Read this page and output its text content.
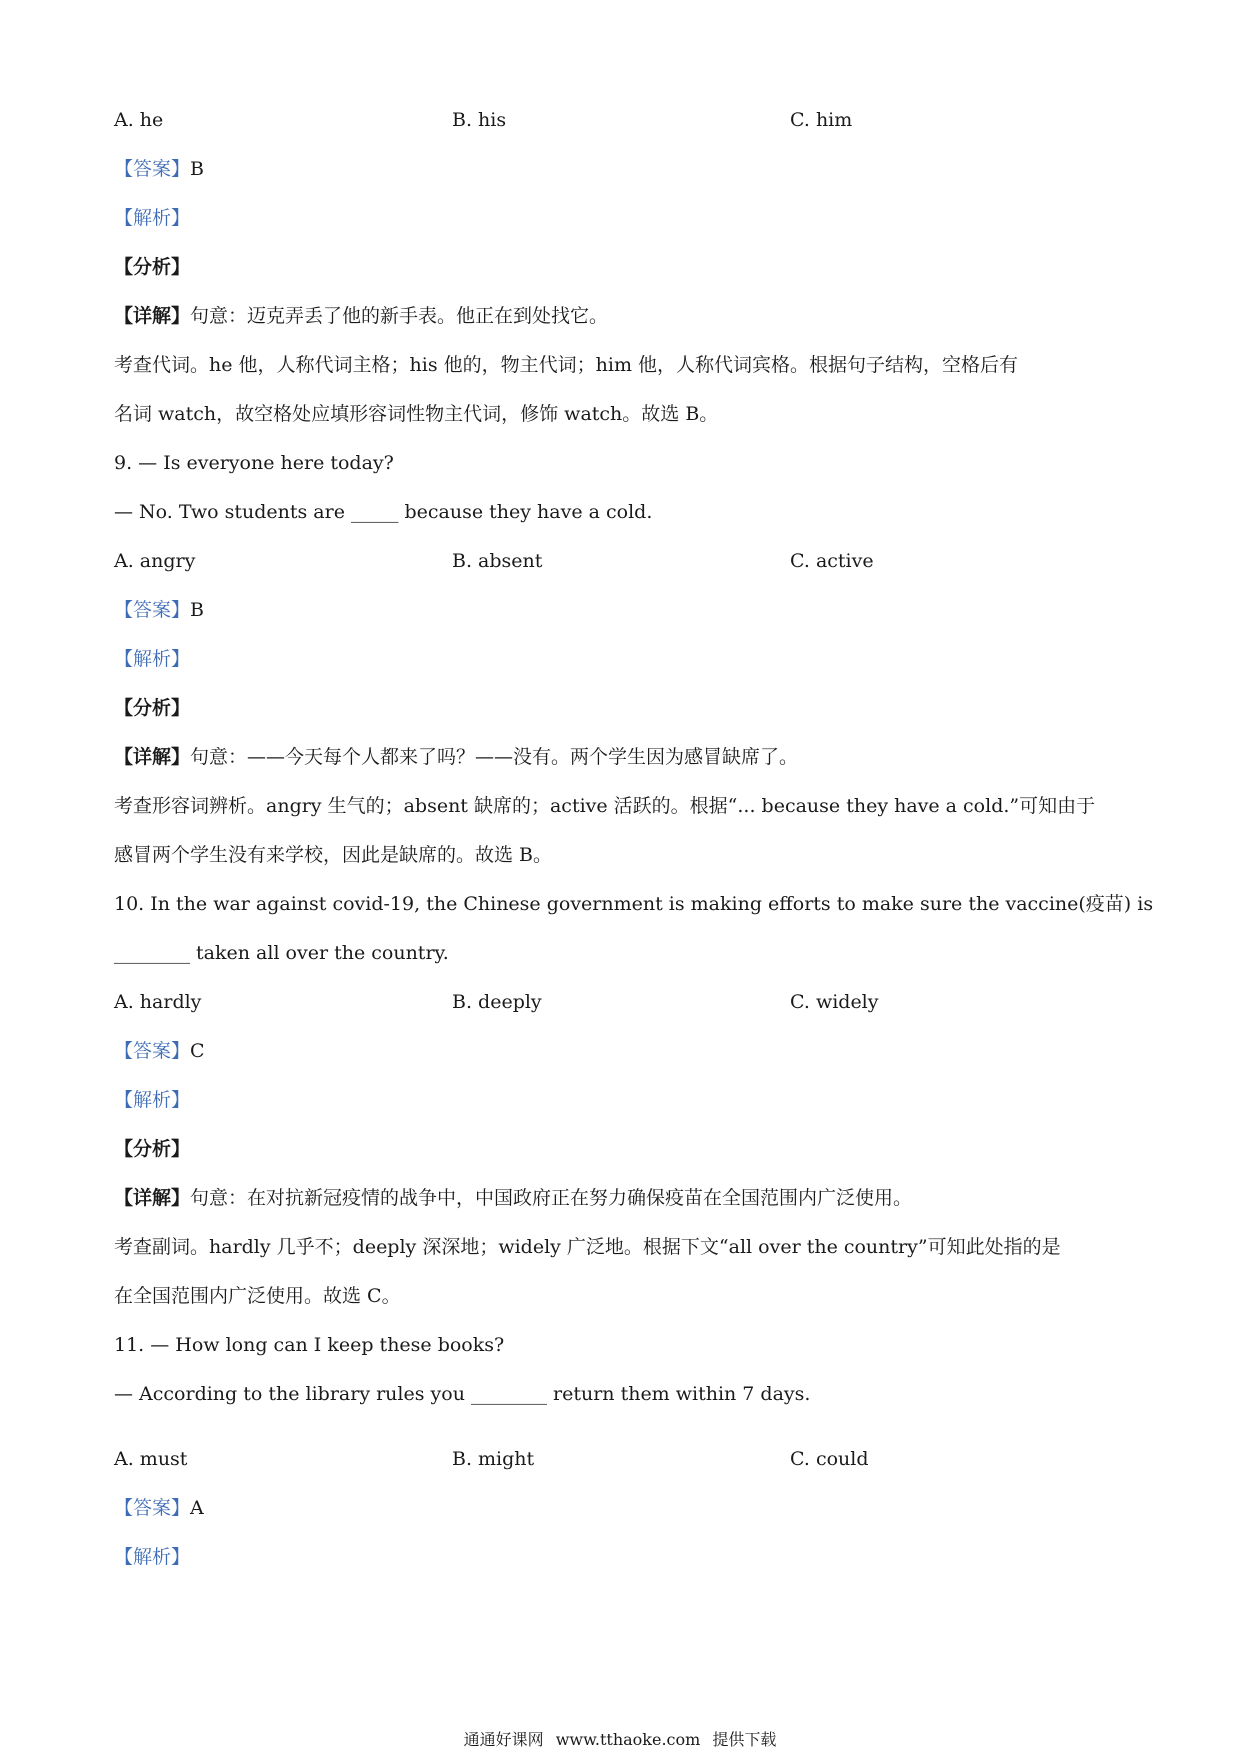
A. he	B. his	C. him
【答案】B
【解析】
【分析】
【详解】句意：迈克弄丢了他的新手表。他正在到处找它。
考查代词。he 他，人称代词主格；his 他的，物主代词；him 他，人称代词宾格。根据句子结构，空格后有
名词 watch，故空格处应填形容词性物主代词，修饰 watch。故选 B。
9. — Is everyone here today?
— No. Two students are _____ because they have a cold.
A. angry	B. absent	C. active
【答案】B
【解析】
【分析】
【详解】句意：——今天每个人都来了吗？——没有。两个学生因为感冒缺席了。
考查形容词辨析。angry 生气的；absent 缺席的；active 活跃的。根据“... because they have a cold.”可知由于
感冒两个学生没有来学校，因此是缺席的。故选 B。
10. In the war against covid-19, the Chinese government is making efforts to make sure the vaccine(疫苗) is
________ taken all over the country.
A. hardly	B. deeply	C. widely
【答案】C
【解析】
【分析】
【详解】句意：在对抗新冠疫情的战争中，中国政府正在努力确保疫苗在全国范围内广泛使用。
考查副词。hardly 几乎不；deeply 深深地；widely 广泛地。根据下文“all over the country”可知此处指的是
在全国范围内广泛使用。故选 C。
11. — How long can I keep these books?
— According to the library rules you ________ return them within 7 days.
A. must	B. might	C. could
【答案】A
【解析】
通通好课网 www.tthaoke.com 提供下载
